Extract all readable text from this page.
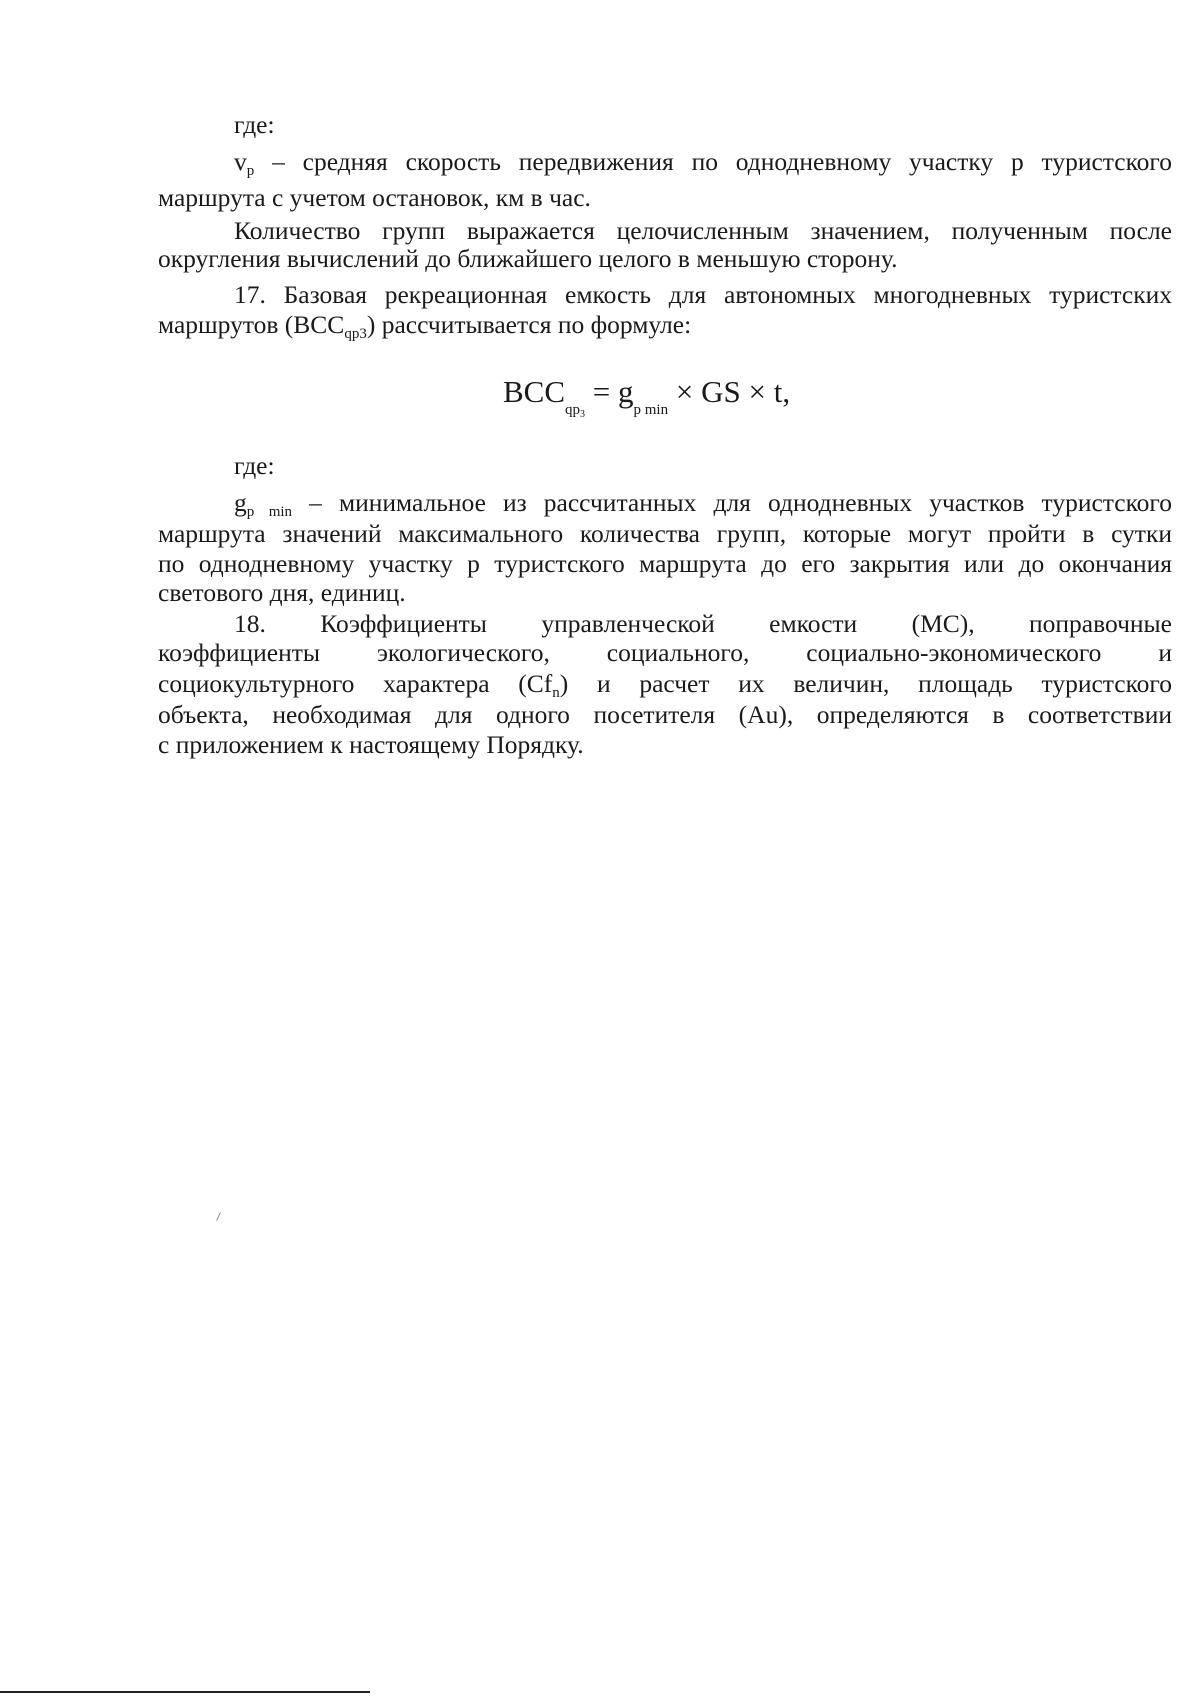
где:
$v_p$ – средняя скорость передвижения по однодневному участку р туристского
маршрута с учетом остановок, км в час.
Количество групп выражается целочисленным значением, полученным после
округления вычислений до ближайшего целого в меньшую сторону.
17. Базовая рекреационная емкость для автономных многодневных туристских
маршрутов $(BCC_{qp3})$ рассчитывается по формуле:
$BCC_{qp_3} = g_{p min}$ × GS × t,
где:
$g_{p min}$ – минимальное из рассчитанных для однодневных участков туристского
маршрута значений максимального количества групп, которые могут пройти в сутки
по однодневному участку р туристского маршрута до его закрытия или до окончания
светового дня, единиц.
18. Коэффициенты управленческой емкости (MC), поправочные
коэффициенты экологического, социального, социально-экономического и
социокультурного характера $(Cf_n)$ и расчет их величин, площадь туристского
объекта, необходимая для одного посетителя (Au), определяются в соответствии
с приложением к настоящему Порядку.
